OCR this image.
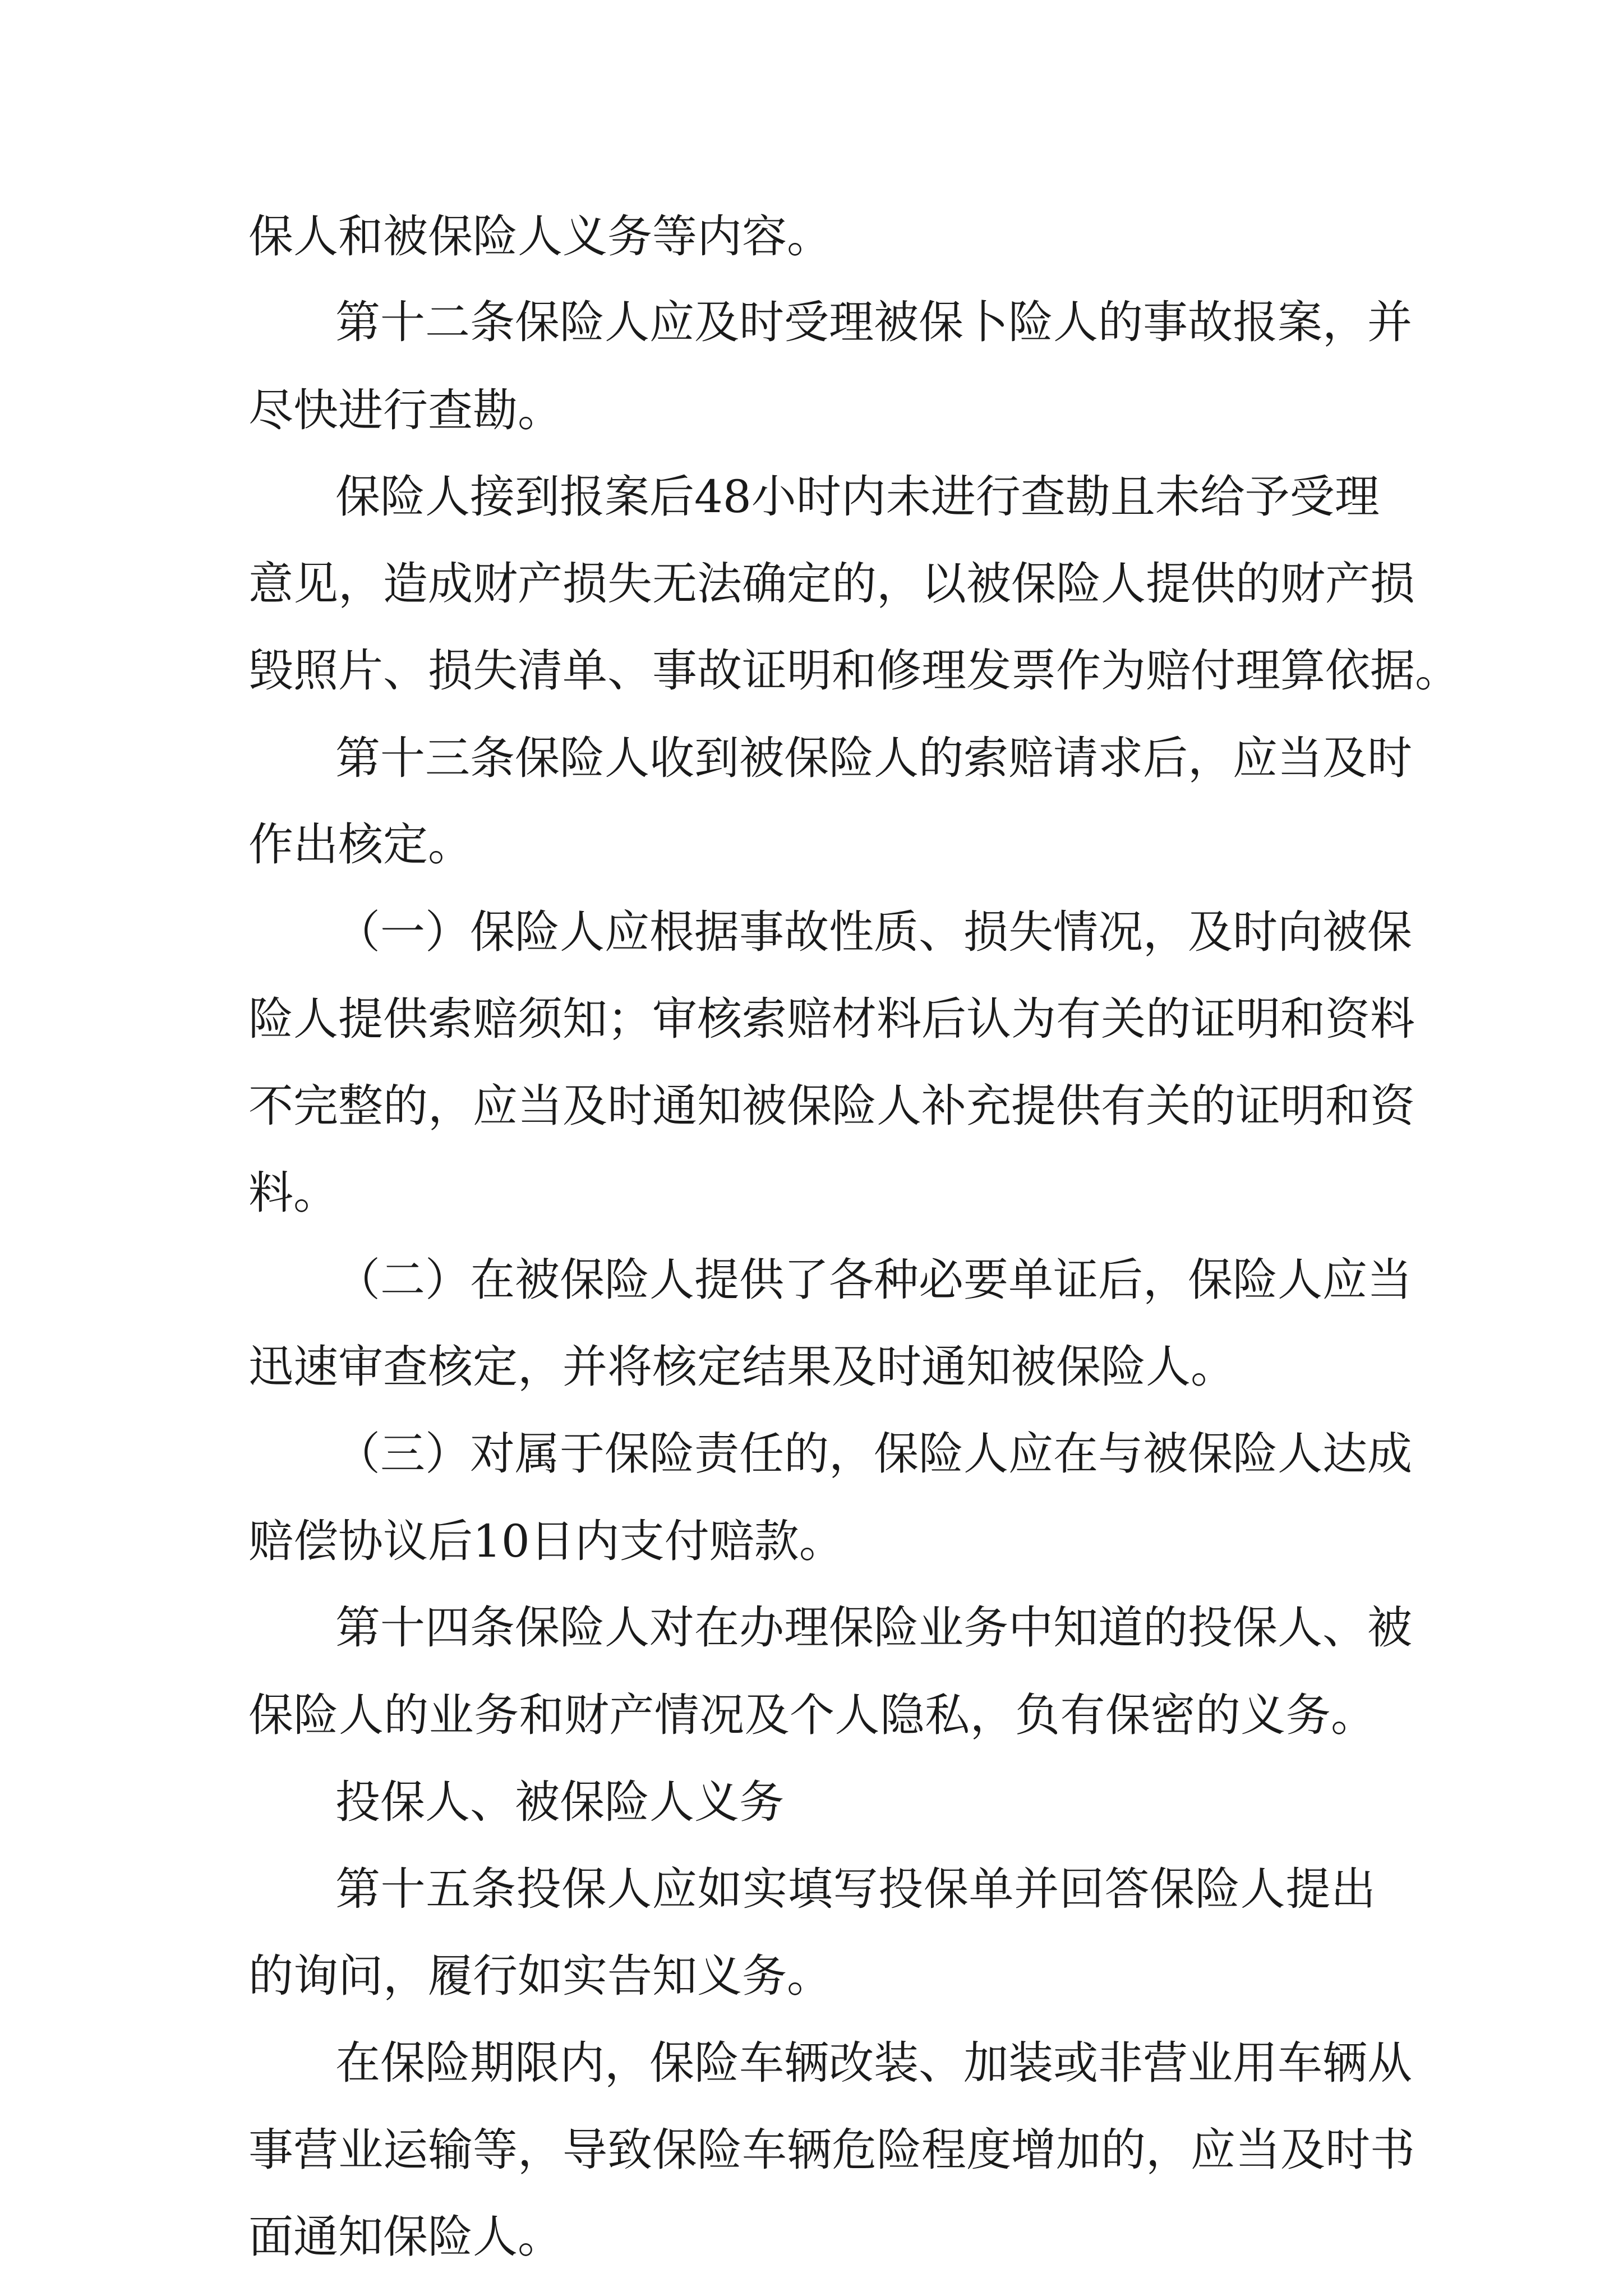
保人和被保险人义务等内容。

第十二条保险人应及时受理被保卜险人的事故报案，并

尽快进行查勘。

保险人接到报案后48小时内未进行查勘且未给予受理

意见，造成财产损失无法确定的，以被保险人提供的财产损

毁照片、损失清单、事故证明和修理发票作为赔付理算依据。

第十三条保险人收到被保险人的索赔请求后，应当及时

作出核定。

（一）保险人应根据事故性质、损失情况，及时向被保

险人提供索赔须知；审核索赔材料后认为有关的证明和资料

不完整的，应当及时通知被保险人补充提供有关的证明和资

料。

（二）在被保险人提供了各种必要单证后，保险人应当

迅速审查核定，并将核定结果及时通知被保险人。

（三）对属于保险责任的，保险人应在与被保险人达成

赔偿协议后10日内支付赔款。

第十四条保险人对在办理保险业务中知道的投保人、被

保险人的业务和财产情况及个人隐私，负有保密的义务。

投保人、被保险人义务

第十五条投保人应如实填写投保单并回答保险人提出

的询问，履行如实告知义务。

在保险期限内，保险车辆改装、加装或非营业用车辆从

事营业运输等，导致保险车辆危险程度增加的，应当及时书

面通知保险人。
